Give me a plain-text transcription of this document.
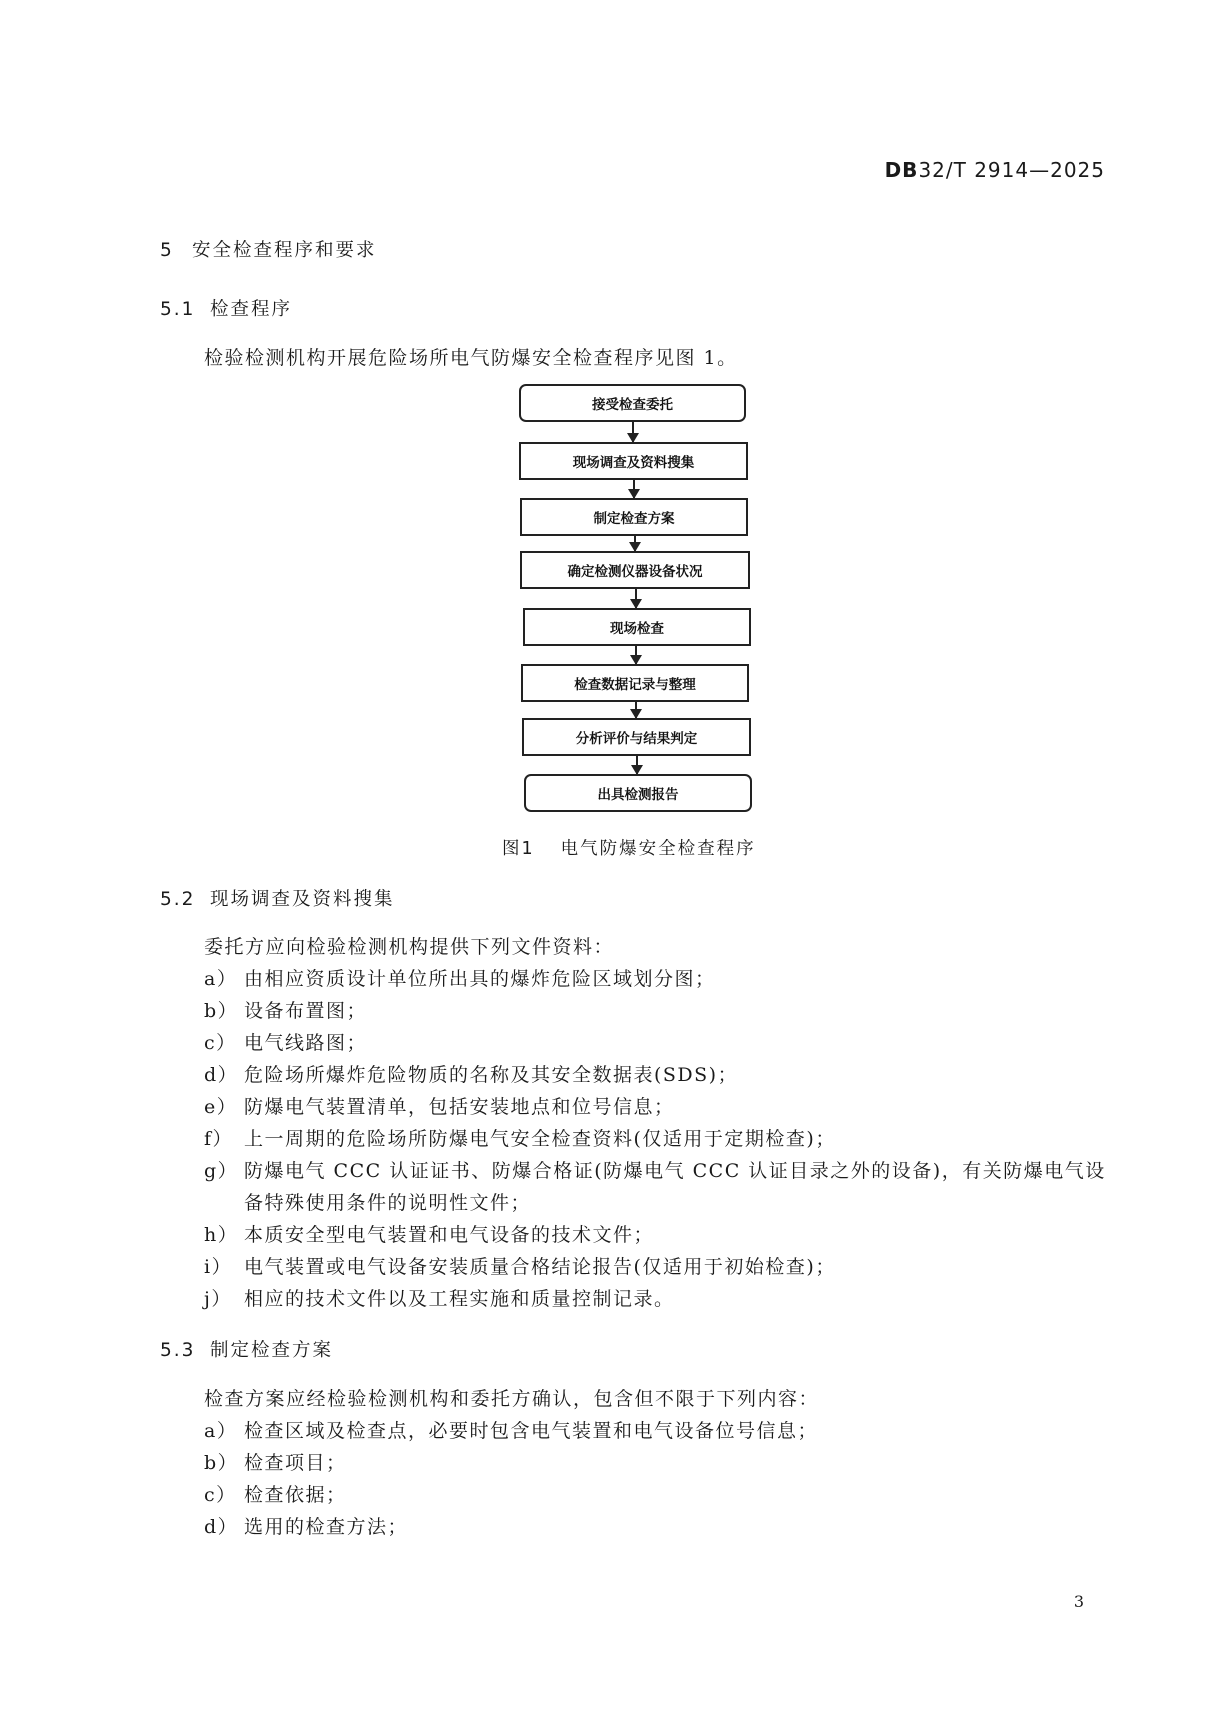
DB32/T 2914—2025
5 安全检查程序和要求
5.1 检查程序
检验检测机构开展危险场所电气防爆安全检查程序见图 1。
接受检查委托
现场调查及资料搜集
制定检查方案
确定检测仪器设备状况
现场检查
检查数据记录与整理
分析评价与结果判定
出具检测报告
图1 电气防爆安全检查程序
5.2 现场调查及资料搜集
委托方应向检验检测机构提供下列文件资料：
a） 由相应资质设计单位所出具的爆炸危险区域划分图；
b） 设备布置图；
c） 电气线路图；
d） 危险场所爆炸危险物质的名称及其安全数据表(SDS)；
e） 防爆电气装置清单，包括安装地点和位号信息；
f） 上一周期的危险场所防爆电气安全检查资料(仅适用于定期检查)；
g） 防爆电气 CCC 认证证书、防爆合格证(防爆电气 CCC 认证目录之外的设备)，有关防爆电气设
备特殊使用条件的说明性文件；
h） 本质安全型电气装置和电气设备的技术文件；
i） 电气装置或电气设备安装质量合格结论报告(仅适用于初始检查)；
j） 相应的技术文件以及工程实施和质量控制记录。
5.3 制定检查方案
检查方案应经检验检测机构和委托方确认，包含但不限于下列内容：
a） 检查区域及检查点，必要时包含电气装置和电气设备位号信息；
b） 检查项目；
c） 检查依据；
d） 选用的检查方法；
3
